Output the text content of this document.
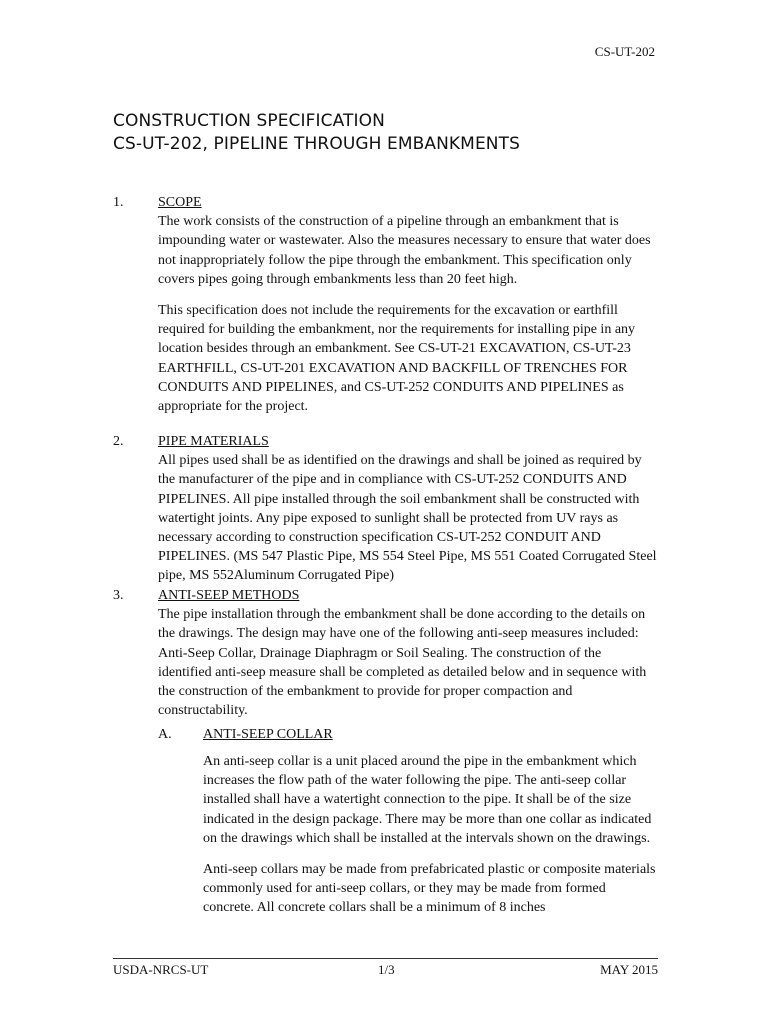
CS-UT-202
CONSTRUCTION SPECIFICATION
CS-UT-202, PIPELINE THROUGH EMBANKMENTS
1. SCOPE

The work consists of the construction of a pipeline through an embankment that is impounding water or wastewater. Also the measures necessary to ensure that water does not inappropriately follow the pipe through the embankment. This specification only covers pipes going through embankments less than 20 feet high.

This specification does not include the requirements for the excavation or earthfill required for building the embankment, nor the requirements for installing pipe in any location besides through an embankment. See CS-UT-21 EXCAVATION, CS-UT-23 EARTHFILL, CS-UT-201 EXCAVATION AND BACKFILL OF TRENCHES FOR CONDUITS AND PIPELINES, and CS-UT-252 CONDUITS AND PIPELINES as appropriate for the project.

2. PIPE MATERIALS

All pipes used shall be as identified on the drawings and shall be joined as required by the manufacturer of the pipe and in compliance with CS-UT-252 CONDUITS AND PIPELINES. All pipe installed through the soil embankment shall be constructed with watertight joints. Any pipe exposed to sunlight shall be protected from UV rays as necessary according to construction specification CS-UT-252 CONDUIT AND PIPELINES. (MS 547 Plastic Pipe, MS 554 Steel Pipe, MS 551 Coated Corrugated Steel pipe, MS 552Aluminum Corrugated Pipe)

3. ANTI-SEEP METHODS

The pipe installation through the embankment shall be done according to the details on the drawings. The design may have one of the following anti-seep measures included: Anti-Seep Collar, Drainage Diaphragm or Soil Sealing. The construction of the identified anti-seep measure shall be completed as detailed below and in sequence with the construction of the embankment to provide for proper compaction and constructability.

A. ANTI-SEEP COLLAR

An anti-seep collar is a unit placed around the pipe in the embankment which increases the flow path of the water following the pipe. The anti-seep collar installed shall have a watertight connection to the pipe. It shall be of the size indicated in the design package. There may be more than one collar as indicated on the drawings which shall be installed at the intervals shown on the drawings.

Anti-seep collars may be made from prefabricated plastic or composite materials commonly used for anti-seep collars, or they may be made from formed concrete. All concrete collars shall be a minimum of 8 inches

USDA-NRCS-UT	1/3	MAY 2015
